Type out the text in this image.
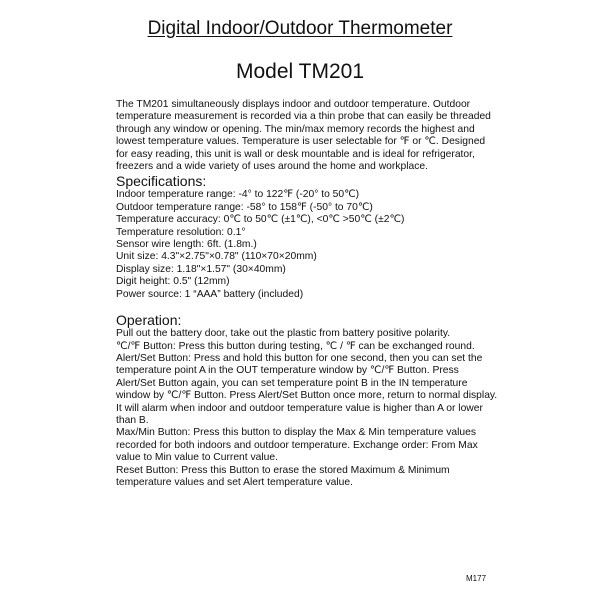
Digital Indoor/Outdoor Thermometer
Model TM201

The TM201 simultaneously displays indoor and outdoor temperature. Outdoor temperature measurement is recorded via a thin probe that can easily be threaded through any window or opening. The min/max memory records the highest and lowest temperature values. Temperature is user selectable for ℉ or ℃. Designed for easy reading, this unit is wall or desk mountable and is ideal for refrigerator, freezers and a wide variety of uses around the home and workplace.

Specifications:

Indoor temperature range: -4° to 122℉ (-20° to 50℃)
Outdoor temperature range: -58° to 158℉ (-50° to 70℃)
Temperature accuracy: 0℃ to 50℃ (±1℃), <0℃ >50℃ (±2℃)
Temperature resolution: 0.1°
Sensor wire length: 6ft. (1.8m.)
Unit size: 4.3"×2.75"×0.78" (110×70×20mm)
Display size: 1.18"×1.57" (30×40mm)
Digit height: 0.5" (12mm)
Power source: 1 “AAA” battery (included)

Operation:

Pull out the battery door, take out the plastic from battery positive polarity.

℃/℉ Button: Press this button during testing, ℃ / ℉ can be exchanged round.

Alert/Set Button: Press and hold this button for one second, then you can set the temperature point A in the OUT temperature window by ℃/℉ Button. Press Alert/Set Button again, you can set temperature point B in the IN temperature window by ℃/℉ Button. Press Alert/Set Button once more, return to normal display. It will alarm when indoor and outdoor temperature value is higher than A or lower than B.

Max/Min Button: Press this button to display the Max & Min temperature values recorded for both indoors and outdoor temperature. Exchange order: From Max value to Min value to Current value.

Reset Button: Press this Button to erase the stored Maximum & Minimum temperature values and set Alert temperature value.

M177
